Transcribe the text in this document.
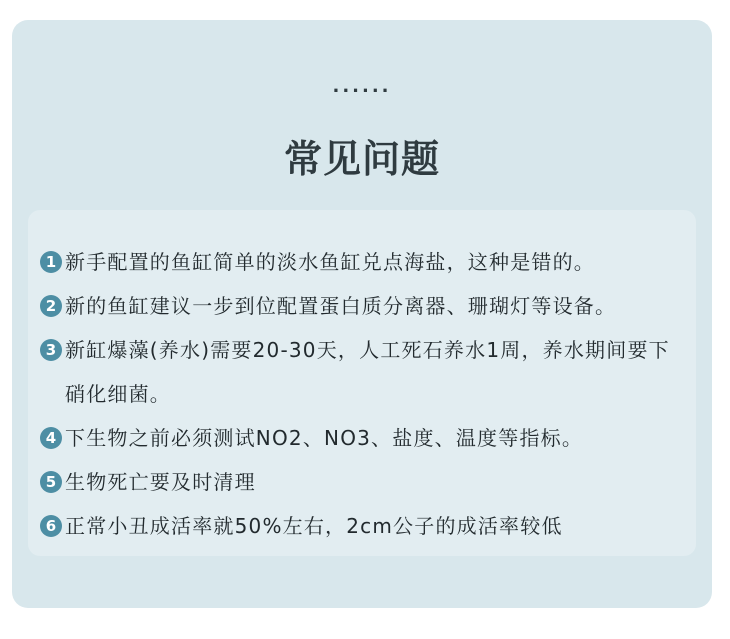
......
常见问题
1 新手配置的鱼缸简单的淡水鱼缸兑点海盐，这种是错的。
2 新的鱼缸建议一步到位配置蛋白质分离器、珊瑚灯等设备。
3 新缸爆藻(养水)需要20-30天，人工死石养水1周，养水期间要下硝化细菌。
4 下生物之前必须测试NO2、NO3、盐度、温度等指标。
5 生物死亡要及时清理
6 正常小丑成活率就50%左右，2cm公子的成活率较低
